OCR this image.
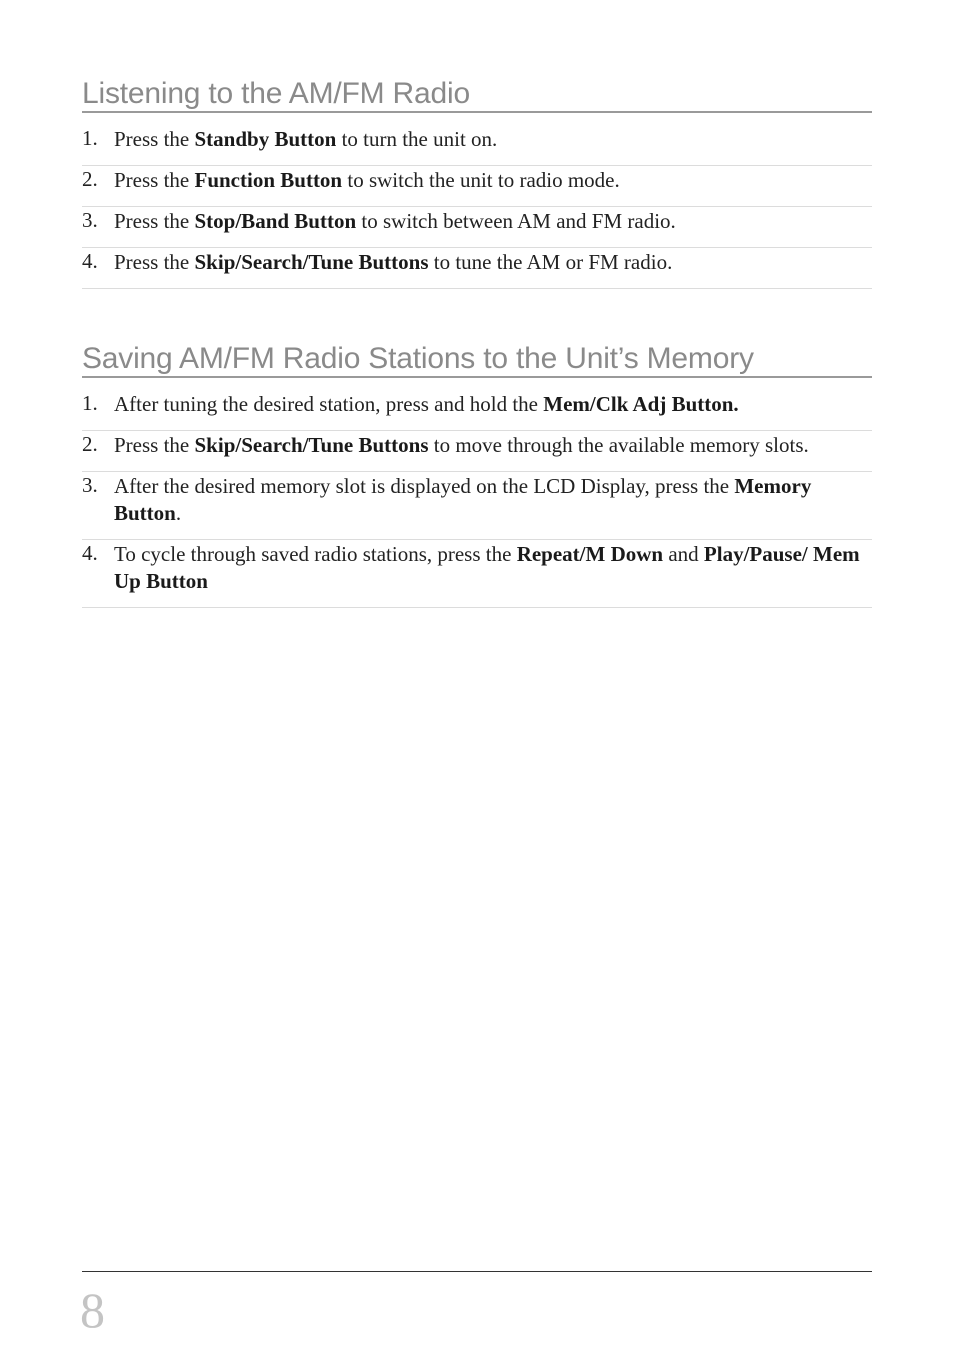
Listening to the AM/FM Radio
1. Press the Standby Button to turn the unit on.
2. Press the Function Button to switch the unit to radio mode.
3. Press the Stop/Band Button to switch between AM and FM radio.
4. Press the Skip/Search/Tune Buttons to tune the AM or FM radio.
Saving AM/FM Radio Stations to the Unit’s Memory
1. After tuning the desired station, press and hold the Mem/Clk Adj Button.
2. Press the Skip/Search/Tune Buttons to move through the available memory slots.
3. After the desired memory slot is displayed on the LCD Display, press the Memory Button.
4. To cycle through saved radio stations, press the Repeat/M Down and Play/Pause/ Mem Up Button
8
